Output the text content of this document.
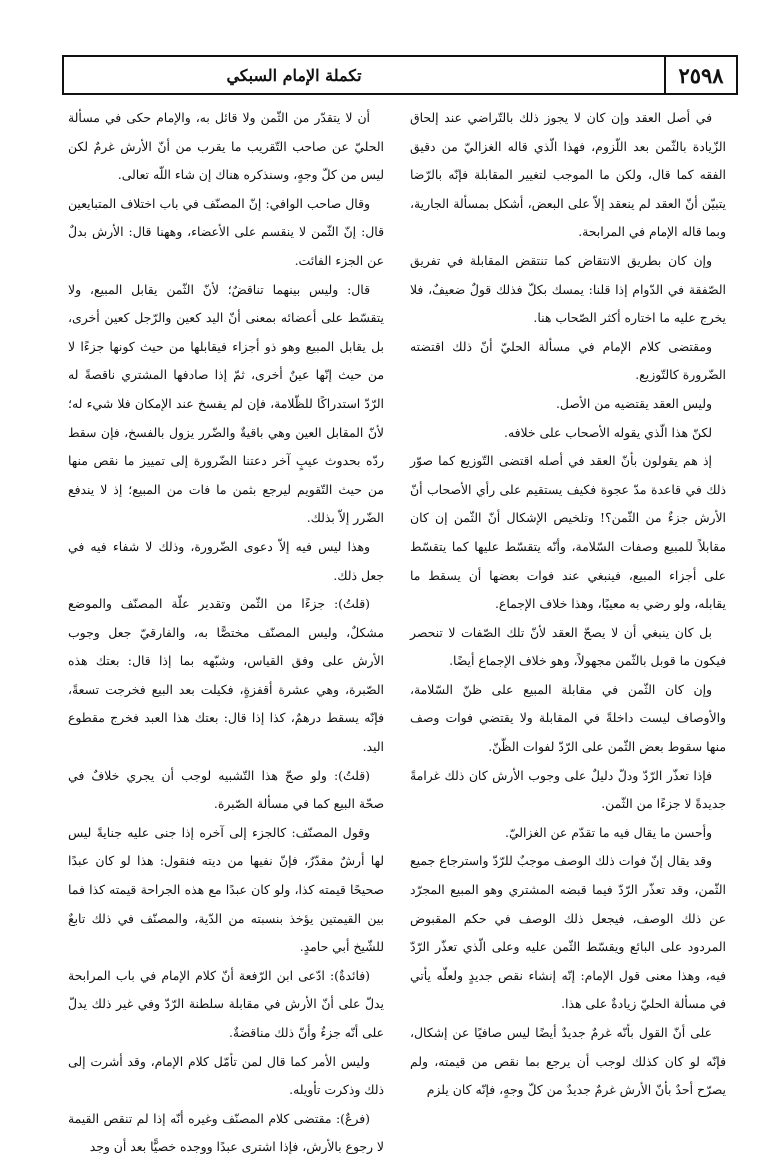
٢٥٩٨
تكملة الإمام السبكي

في أصل العقد وإن كان لا يجوز ذلك بالتّراضي عند إلحاق الزّيادة بالثّمن بعد اللّزوم، فهذا الّذي قاله الغزاليّ من دقيق الفقه كما قال، ولكن ما الموجب لتغيير المقابلة فإنّه بالرّضا يتبيّن أنّ العقد لم ينعقد إلاّ على البعض، أشكل بمسألة الجارية، وبما قاله الإمام في المرابحة.

وإن كان بطريق الانتقاض كما تنتقض المقابلة في تفريق الصّفقة في الدّوام إذا قلنا: يمسك بكلّ فذلك قولٌ ضعيفٌ، فلا يخرج عليه ما اختاره أكثر الصّحاب هنا.

ومقتضى كلام الإمام في مسألة الحليّ أنّ ذلك اقتضته الضّرورة كالتّوزيع.

وليس العقد يقتضيه من الأصل.

لكنّ هذا الّذي يقوله الأصحاب على خلافه.

إذ هم يقولون بأنّ العقد في أصله اقتضى التّوزيع كما صوّر ذلك في قاعدة مدّ عجوة فكيف يستقيم على رأي الأصحاب أنّ الأرش جزءٌ من الثّمن؟! وتلخيص الإشكال أنّ الثّمن إن كان مقابلاً للمبيع وصفات السّلامة، وأنّه يتقسّط عليها كما يتقسّط على أجزاء المبيع، فينبغي عند فوات بعضها أن يسقط ما يقابله، ولو رضي به معيبًا، وهذا خلاف الإجماع.

بل كان ينبغي أن لا يصحّ العقد لأنّ تلك الصّفات لا تنحصر فيكون ما قوبل بالثّمن مجهولاً، وهو خلاف الإجماع أيضًا.

وإن كان الثّمن في مقابلة المبيع على ظنّ السّلامة، والأوصاف ليست داخلةً في المقابلة ولا يقتضي فوات وصف منها سقوط بعض الثّمن على الرّدّ لفوات الظّنّ.

فإذا تعذّر الرّدّ ودلّ دليلٌ على وجوب الأرش كان ذلك غرامةً جديدةً لا جزءًا من الثّمن.

وأحسن ما يقال فيه ما تقدّم عن الغزاليّ.

وقد يقال إنّ فوات ذلك الوصف موجبٌ للرّدّ واسترجاع جميع الثّمن، وقد تعذّر الرّدّ فيما قبضه المشتري وهو المبيع المجرّد عن ذلك الوصف، فيجعل ذلك الوصف في حكم المقبوض المردود على البائع ويقسّط الثّمن عليه وعلى الّذي تعذّر الرّدّ فيه، وهذا معنى قول الإمام: إنّه إنشاء نقص جديدٍ ولعلّه يأتي في مسألة الحليّ زيادةٌ على هذا.

على أنّ القول بأنّه غرمٌ جديدٌ أيضًا ليس صافيًا عن إشكال، فإنّه لو كان كذلك لوجب أن يرجع بما نقص من قيمته، ولم يصرّح أحدٌ بأنّ الأرش غرمٌ جديدٌ من كلّ وجهٍ، فإنّه كان يلزم

أن لا يتقدّر من الثّمن ولا قائل به، والإمام حكى في مسألة الحليّ عن صاحب التّقريب ما يقرب من أنّ الأرش غرمٌ لكن ليس من كلّ وجهٍ، وسنذكره هناك إن شاء اللّه تعالى.

وقال صاحب الوافي: إنّ المصنّف في باب اختلاف المتبايعين قال: إنّ الثّمن لا ينقسم على الأعضاء، وههنا قال: الأرش بدلٌ عن الجزء الفائت.

قال: وليس بينهما تناقضٌ؛ لأنّ الثّمن يقابل المبيع، ولا يتقسّط على أعضائه بمعنى أنّ اليد كعين والرّجل كعين أخرى، بل يقابل المبيع وهو ذو أجزاء فيقابلها من حيث كونها جزءًا لا من حيث إنّها عينٌ أخرى، ثمّ إذا صادفها المشتري ناقصةً له الرّدّ استدراكًا للظّلامة، فإن لم يفسخ عند الإمكان فلا شيء له؛ لأنّ المقابل العين وهي باقيةٌ والضّرر يزول بالفسخ، فإن سقط ردّه بحدوث عيبٍ آخر دعتنا الضّرورة إلى تمييز ما نقص منها من حيث التّقويم ليرجع بثمن ما فات من المبيع؛ إذ لا يندفع الضّرر إلاّ بذلك.

وهذا ليس فيه إلاّ دعوى الضّرورة، وذلك لا شفاء فيه في جعل ذلك.

(قلتُ): جزءًا من الثّمن وتقدير علّة المصنّف والموضع مشكلٌ، وليس المصنّف مختصًّا به، والفارقيّ جعل وجوب الأرش على وفق القياس، وشبّهه بما إذا قال: بعتك هذه الصّبرة، وهي عشرة أقفزةٍ، فكيلت بعد البيع فخرجت تسعةً، فإنّه يسقط درهمٌ، كذا إذا قال: بعتك هذا العبد فخرج مقطوع اليد.

(قلتُ): ولو صحّ هذا التّشبيه لوجب أن يجري خلافٌ في صحّة البيع كما في مسألة الصّبرة.

وقول المصنّف: كالجزء إلى آخره إذا جنى عليه جنايةً ليس لها أرشٌ مقدّرٌ، فإنّ نفيها من ديته فنقول: هذا لو كان عبدًا صحيحًا قيمته كذا، ولو كان عبدًا مع هذه الجراحة قيمته كذا فما بين القيمتين يؤخذ بنسبته من الدّية، والمصنّف في ذلك تابعٌ للشّيخ أبي حامدٍ.

(فائدةٌ): ادّعى ابن الرّفعة أنّ كلام الإمام في باب المرابحة يدلّ على أنّ الأرش في مقابلة سلطنة الرّدّ وفي غير ذلك يدلّ على أنّه جزءٌ وأنّ ذلك مناقضةٌ.

وليس الأمر كما قال لمن تأمّل كلام الإمام، وقد أشرت إلى ذلك وذكرت تأويله.

(فرعٌ): مقتضى كلام المصنّف وغيره أنّه إذا لم تنقص القيمة لا رجوع بالأرش، فإذا اشترى عبدًا ووجده خصيًّا بعد أن وجد
